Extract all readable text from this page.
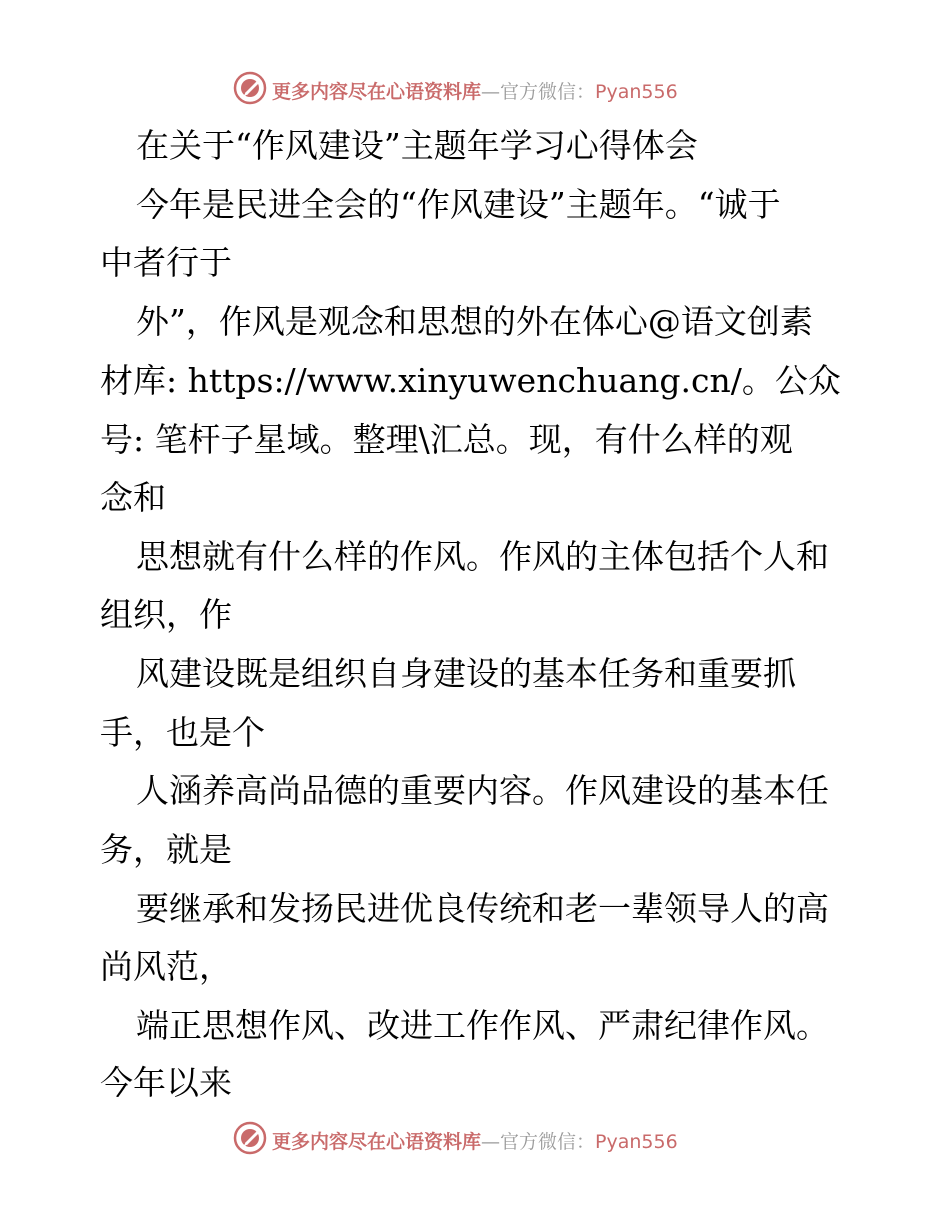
更多内容尽在心语资料库—官方微信：Pyan556
在关于“作风建设”主题年学习心得体会
今年是民进全会的“作风建设”主题年。“诚于
中者行于
外”，作风是观念和思想的外在体心@语文创素
材库: https://www.xinyuwenchuang.cn/。公众
号: 笔杆子星域。整理\汇总。现，有什么样的观
念和
思想就有什么样的作风。作风的主体包括个人和
组织，作
风建设既是组织自身建设的基本任务和重要抓
手，也是个
人涵养高尚品德的重要内容。作风建设的基本任
务，就是
要继承和发扬民进优良传统和老一辈领导人的高
尚风范，
端正思想作风、改进工作作风、严肃纪律作风。
今年以来
更多内容尽在心语资料库—官方微信：Pyan556
